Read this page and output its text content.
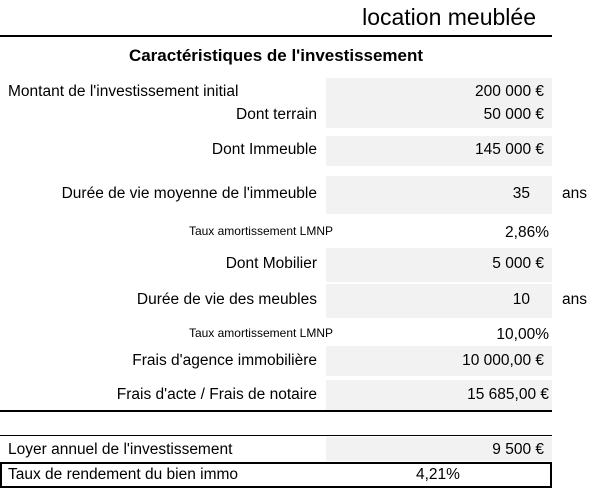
location meublée
Caractéristiques de l'investissement
Montant de l'investissement initial	200 000 €
Dont terrain	50 000 €
Dont Immeuble	145 000 €
Durée de vie moyenne de l'immeuble	35 ans
Taux amortissement LMNP	2,86%
Dont Mobilier	5 000 €
Durée de vie des meubles	10 ans
Taux amortissement LMNP	10,00%
Frais d'agence immobilière	10 000,00 €
Frais d'acte / Frais de notaire	15 685,00 €
Loyer annuel de l'investissement	9 500 €
Taux de rendement du bien immo	4,21%
